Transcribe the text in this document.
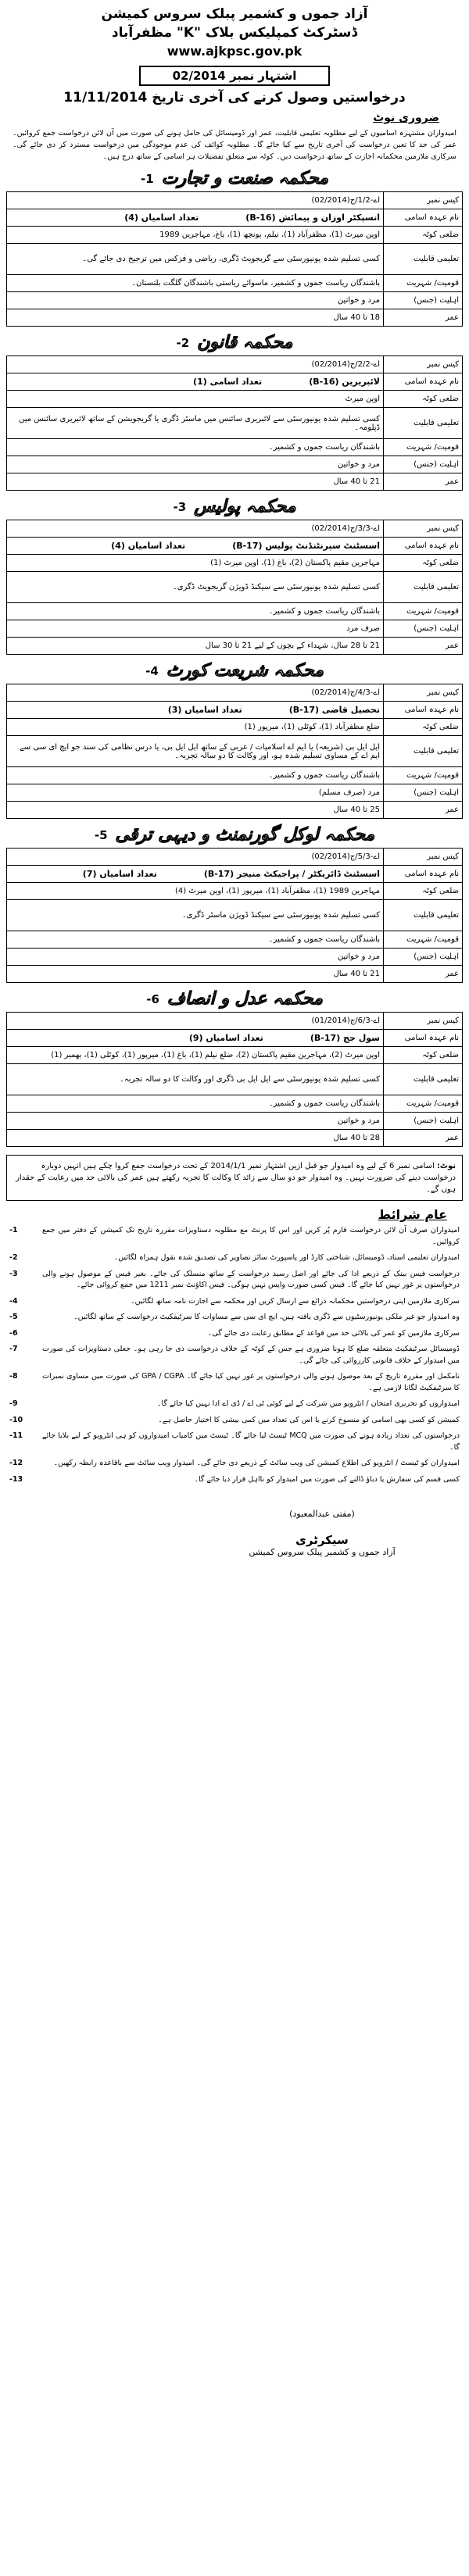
آزاد جموں و کشمیر پبلک سروس کمیشن
ڈسٹرکٹ کمپلیکس بلاک "K" مظفرآباد
www.ajkpsc.gov.pk
اشتہار نمبر 02/2014
درخواستیں وصول کرنے کی آخری تاریخ 11/11/2014
ضروری نوٹ
امیدواران مشتہرہ اسامیوں کے لیے مطلوبہ تعلیمی قابلیت، عمر اور ڈومیسائل کی حامل ہونے کی صورت میں آن لائن درخواست جمع کروائیں۔ عمر کی حد کا تعین درخواست کی آخری تاریخ سے کیا جائے گا۔ مطلوبہ کوائف کی عدم موجودگی میں درخواست مسترد کر دی جائے گی۔ سرکاری ملازمین محکمانہ اجازت کے ساتھ درخواست دیں۔ کوٹہ سے متعلق تفصیلات ہر اسامی کے ساتھ درج ہیں۔
محکمہ صنعت و تجارت
1-
کیس نمبر	اے-1/2/ج(02/2014)
نام عہدہ اسامی	انسپکٹر اوزان و پیمائش (B-16)تعداد اسامیاں (4)
ضلعی کوٹہ	اوپن میرٹ (1)، مظفرآباد (1)، نیلم، پونچھ (1)، باغ، مہاجرین 1989
تعلیمی قابلیت	کسی تسلیم شدہ یونیورسٹی سے گریجویٹ ڈگری، ریاضی و فزکس میں ترجیح دی جائے گی۔
قومیت/ شہریت	باشندگان ریاست جموں و کشمیر، ماسوائے ریاستی باشندگان گلگت بلتستان۔
اہلیت (جنس)	مرد و خواتین
عمر	18 تا 40 سال
محکمہ قانون
2-
کیس نمبر	اے-2/2/ج(02/2014)
نام عہدہ اسامی	لائبریرین (B-16)تعداد اسامی (1)
ضلعی کوٹہ	اوپن میرٹ
تعلیمی قابلیت	کسی تسلیم شدہ یونیورسٹی سے لائبریری سائنس میں ماسٹر ڈگری یا گریجویشن کے ساتھ لائبریری سائنس میں ڈپلومہ۔
قومیت/ شہریت	باشندگان ریاست جموں و کشمیر۔
اہلیت (جنس)	مرد و خواتین
عمر	21 تا 40 سال
محکمہ پولیس
3-
کیس نمبر	اے-3/3/ج(02/2014)
نام عہدہ اسامی	اسسٹنٹ سپرنٹنڈنٹ پولیس (B-17)تعداد اسامیاں (4)
ضلعی کوٹہ	مہاجرین مقیم پاکستان (2)، باغ (1)، اوپن میرٹ (1)
تعلیمی قابلیت	کسی تسلیم شدہ یونیورسٹی سے سیکنڈ ڈویژن گریجویٹ ڈگری۔
قومیت/ شہریت	باشندگان ریاست جموں و کشمیر۔
اہلیت (جنس)	صرف مرد
عمر	21 تا 28 سال، شہداء کے بچوں کے لیے 21 تا 30 سال
محکمہ شریعت کورٹ
4-
کیس نمبر	اے-4/3/ج(02/2014)
نام عہدہ اسامی	تحصیل قاضی (B-17)تعداد اسامیاں (3)
ضلعی کوٹہ	ضلع مظفرآباد (1)، کوٹلی (1)، میرپور (1)
تعلیمی قابلیت	ایل ایل بی (شریعہ) یا ایم اے اسلامیات / عربی کے ساتھ ایل ایل بی، یا درس نظامی کی سند جو ایچ ای سی سے ایم اے کے مساوی تسلیم شدہ ہو، اور وکالت کا دو سالہ تجربہ۔
قومیت/ شہریت	باشندگان ریاست جموں و کشمیر۔
اہلیت (جنس)	مرد (صرف مسلم)
عمر	25 تا 40 سال
محکمہ لوکل گورنمنٹ و دیہی ترقی
5-
کیس نمبر	اے-5/3/ج(02/2014)
نام عہدہ اسامی	اسسٹنٹ ڈائریکٹر / پراجیکٹ منیجر (B-17)تعداد اسامیاں (7)
ضلعی کوٹہ	مہاجرین 1989 (1)، مظفرآباد (1)، میرپور (1)، اوپن میرٹ (4)
تعلیمی قابلیت	کسی تسلیم شدہ یونیورسٹی سے سیکنڈ ڈویژن ماسٹر ڈگری۔
قومیت/ شہریت	باشندگان ریاست جموں و کشمیر۔
اہلیت (جنس)	مرد و خواتین
عمر	21 تا 40 سال
محکمہ عدل و انصاف
6-
کیس نمبر	اے-6/3/ج(01/2014)
نام عہدہ اسامی	سول جج (B-17)تعداد اسامیاں (9)
ضلعی کوٹہ	اوپن میرٹ (2)، مہاجرین مقیم پاکستان (2)، ضلع نیلم (1)، باغ (1)، میرپور (1)، کوٹلی (1)، بھمبر (1)
تعلیمی قابلیت	کسی تسلیم شدہ یونیورسٹی سے ایل ایل بی ڈگری اور وکالت کا دو سالہ تجربہ۔
قومیت/ شہریت	باشندگان ریاست جموں و کشمیر۔
اہلیت (جنس)	مرد و خواتین
عمر	28 تا 40 سال
نوٹ: اسامی نمبر 6 کے لیے وہ امیدوار جو قبل ازیں اشتہار نمبر 2014/1/1 کے تحت درخواست جمع کروا چکے ہیں انہیں دوبارہ درخواست دینے کی ضرورت نہیں۔ وہ امیدوار جو دو سال سے زائد کا وکالت کا تجربہ رکھتے ہیں عمر کی بالائی حد میں رعایت کے حقدار ہوں گے۔
عام شرائط
امیدواران صرف آن لائن درخواست فارم پُر کریں اور اس کا پرنٹ مع مطلوبہ دستاویزات مقررہ تاریخ تک کمیشن کے دفتر میں جمع کروائیں۔
-1
امیدواران تعلیمی اسناد، ڈومیسائل، شناختی کارڈ اور پاسپورٹ سائز تصاویر کی تصدیق شدہ نقول ہمراہ لگائیں۔
-2
درخواست فیس بینک کے ذریعے ادا کی جائے اور اصل رسید درخواست کے ساتھ منسلک کی جائے۔ بغیر فیس کے موصول ہونے والی درخواستوں پر غور نہیں کیا جائے گا۔ فیس کسی صورت واپس نہیں ہوگی۔ فیس اکاؤنٹ نمبر 1211 میں جمع کروائی جائے۔
-3
سرکاری ملازمین اپنی درخواستیں محکمانہ ذرائع سے ارسال کریں اور محکمہ سے اجازت نامہ ساتھ لگائیں۔
-4
وہ امیدوار جو غیر ملکی یونیورسٹیوں سے ڈگری یافتہ ہیں، ایچ ای سی سے مساوات کا سرٹیفکیٹ درخواست کے ساتھ لگائیں۔
-5
سرکاری ملازمین کو عمر کی بالائی حد میں قواعد کے مطابق رعایت دی جائے گی۔
-6
ڈومیسائل سرٹیفکیٹ متعلقہ ضلع کا ہونا ضروری ہے جس کے کوٹہ کے خلاف درخواست دی جا رہی ہو۔ جعلی دستاویزات کی صورت میں امیدوار کے خلاف قانونی کارروائی کی جائے گی۔
-7
نامکمل اور مقررہ تاریخ کے بعد موصول ہونے والی درخواستوں پر غور نہیں کیا جائے گا۔ GPA / CGPA کی صورت میں مساوی نمبرات کا سرٹیفکیٹ لگانا لازمی ہے۔
-8
امیدواروں کو تحریری امتحان / انٹرویو میں شرکت کے لیے کوئی ٹی اے / ڈی اے ادا نہیں کیا جائے گا۔
-9
کمیشن کو کسی بھی اسامی کو منسوخ کرنے یا اس کی تعداد میں کمی بیشی کا اختیار حاصل ہے۔
-10
درخواستوں کی تعداد زیادہ ہونے کی صورت میں MCQ ٹیسٹ لیا جائے گا۔ ٹیسٹ میں کامیاب امیدواروں کو ہی انٹرویو کے لیے بلایا جائے گا۔
-11
امیدواران کو ٹیسٹ / انٹرویو کی اطلاع کمیشن کی ویب سائٹ کے ذریعے دی جائے گی۔ امیدوار ویب سائٹ سے باقاعدہ رابطہ رکھیں۔
-12
کسی قسم کی سفارش یا دباؤ ڈالنے کی صورت میں امیدوار کو نااہل قرار دیا جائے گا۔
-13
(مفتی عبدالمعبود)
سیکرٹری
آزاد جموں و کشمیر پبلک سروس کمیشن
